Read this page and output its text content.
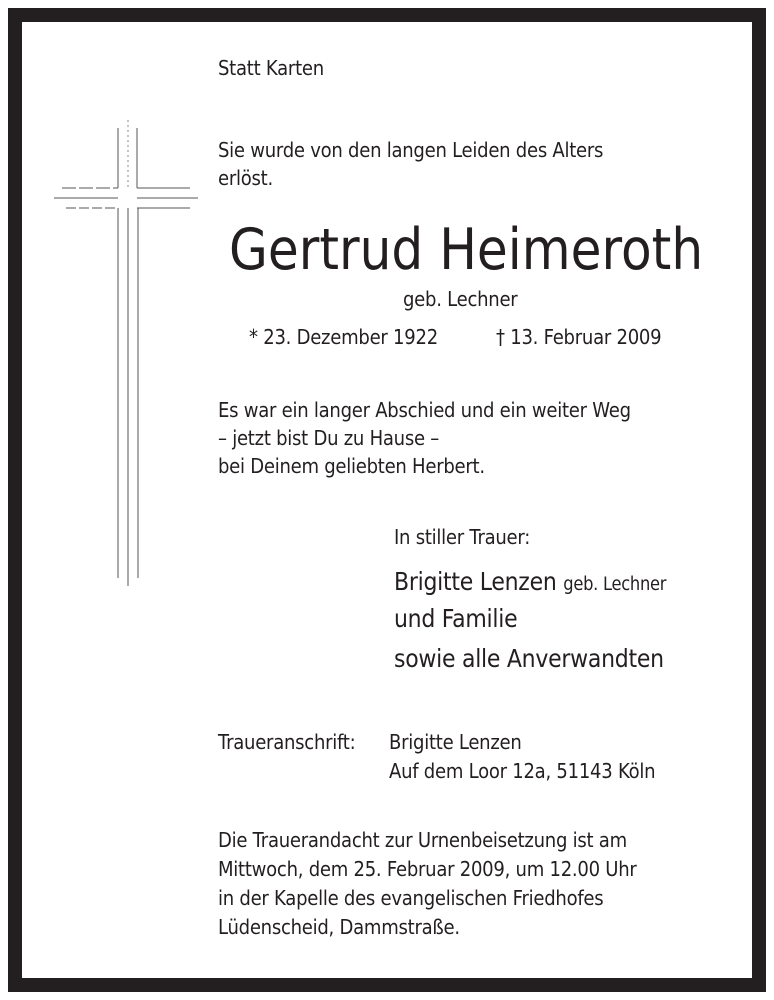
Statt Karten
Sie wurde von den langen Leiden des Alters
erlöst.
Gertrud Heimeroth
geb. Lechner
* 23. Dezember 1922	† 13. Februar 2009
Es war ein langer Abschied und ein weiter Weg
– jetzt bist Du zu Hause –
bei Deinem geliebten Herbert.
In stiller Trauer:
Brigitte Lenzen geb. Lechner
und Familie
sowie alle Anverwandten
Traueranschrift: Brigitte Lenzen
Auf dem Loor 12a, 51143 Köln
Die Trauerandacht zur Urnenbeisetzung ist am
Mittwoch, dem 25. Februar 2009, um 12.00 Uhr
in der Kapelle des evangelischen Friedhofes
Lüdenscheid, Dammstraße.
